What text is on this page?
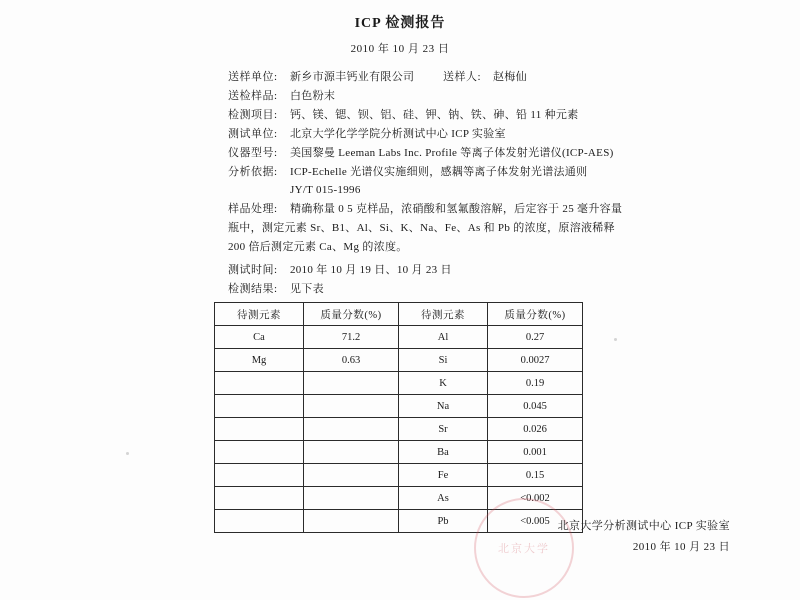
ICP 检测报告
2010 年 10 月 23 日
送样单位:	新乡市源丰钙业有限公司	送样人:	赵梅仙
送检样品:	白色粉末
检测项目:	钙、镁、锶、钡、铝、硅、钾、钠、铁、砷、铅 11 种元素
测试单位:	北京大学化学学院分析测试中心 ICP 实验室
仪器型号:	美国黎曼 Leeman Labs Inc. Profile 等离子体发射光谱仪(ICP-AES)
分析依据:	ICP-Echelle 光谱仪实施细则，感耦等离子体发射光谱法通则
JY/T 015-1996
样品处理:	精确称量 0 5 克样品，浓硝酸和氢氟酸溶解，后定容于 25 毫升容量
瓶中，测定元素 Sr、B1、Al、Si、K、Na、Fe、As 和 Pb 的浓度，原溶液稀释
200 倍后测定元素 Ca、Mg 的浓度。
测试时间:	2010 年 10 月 19 日、10 月 23 日
检测结果:	见下表
待测元素	质量分数(%)	待测元素	质量分数(%)
Ca	71.2	Al	0.27
Mg	0.63	Si	0.0027
		K	0.19
		Na	0.045
		Sr	0.026
		Ba	0.001
		Fe	0.15
		As	<0.002
		Pb	<0.005
北京大学
北京大学分析测试中心 ICP 实验室
2010 年 10 月 23 日
